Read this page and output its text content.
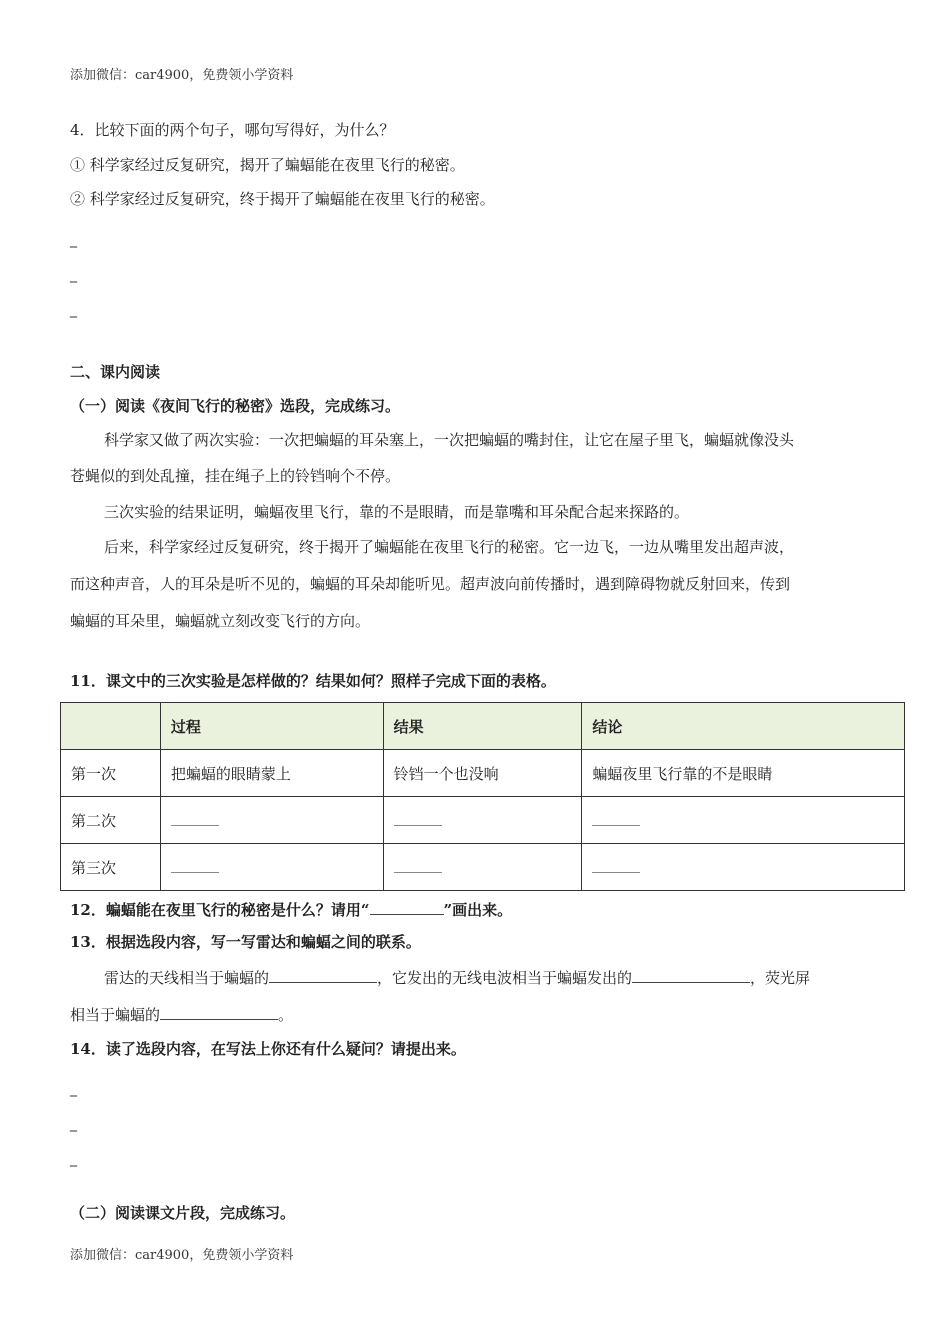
添加微信：car4900，免费领小学资料
4．比较下面的两个句子，哪句写得好，为什么？
① 科学家经过反复研究，揭开了蝙蝠能在夜里飞行的秘密。
② 科学家经过反复研究，终于揭开了蝙蝠能在夜里飞行的秘密。
_
_
_
二、课内阅读
（一）阅读《夜间飞行的秘密》选段，完成练习。
科学家又做了两次实验：一次把蝙蝠的耳朵塞上，一次把蝙蝠的嘴封住，让它在屋子里飞，蝙蝠就像没头
苍蝇似的到处乱撞，挂在绳子上的铃铛响个不停。
三次实验的结果证明，蝙蝠夜里飞行，靠的不是眼睛，而是靠嘴和耳朵配合起来探路的。
后来，科学家经过反复研究，终于揭开了蝙蝠能在夜里飞行的秘密。它一边飞，一边从嘴里发出超声波，
而这种声音，人的耳朵是听不见的，蝙蝠的耳朵却能听见。超声波向前传播时，遇到障碍物就反射回来，传到
蝙蝠的耳朵里，蝙蝠就立刻改变飞行的方向。
11．课文中的三次实验是怎样做的？结果如何？照样子完成下面的表格。
	过程	结果	结论
第一次	把蝙蝠的眼睛蒙上	铃铛一个也没响	蝙蝠夜里飞行靠的不是眼睛
第二次			
第三次			
12．蝙蝠能在夜里飞行的秘密是什么？请用“	”画出来。
13．根据选段内容，写一写雷达和蝙蝠之间的联系。
雷达的天线相当于蝙蝠的	，它发出的无线电波相当于蝙蝠发出的	，荧光屏
相当于蝙蝠的	。
14．读了选段内容，在写法上你还有什么疑问？请提出来。
_
_
_
（二）阅读课文片段，完成练习。
添加微信：car4900，免费领小学资料
